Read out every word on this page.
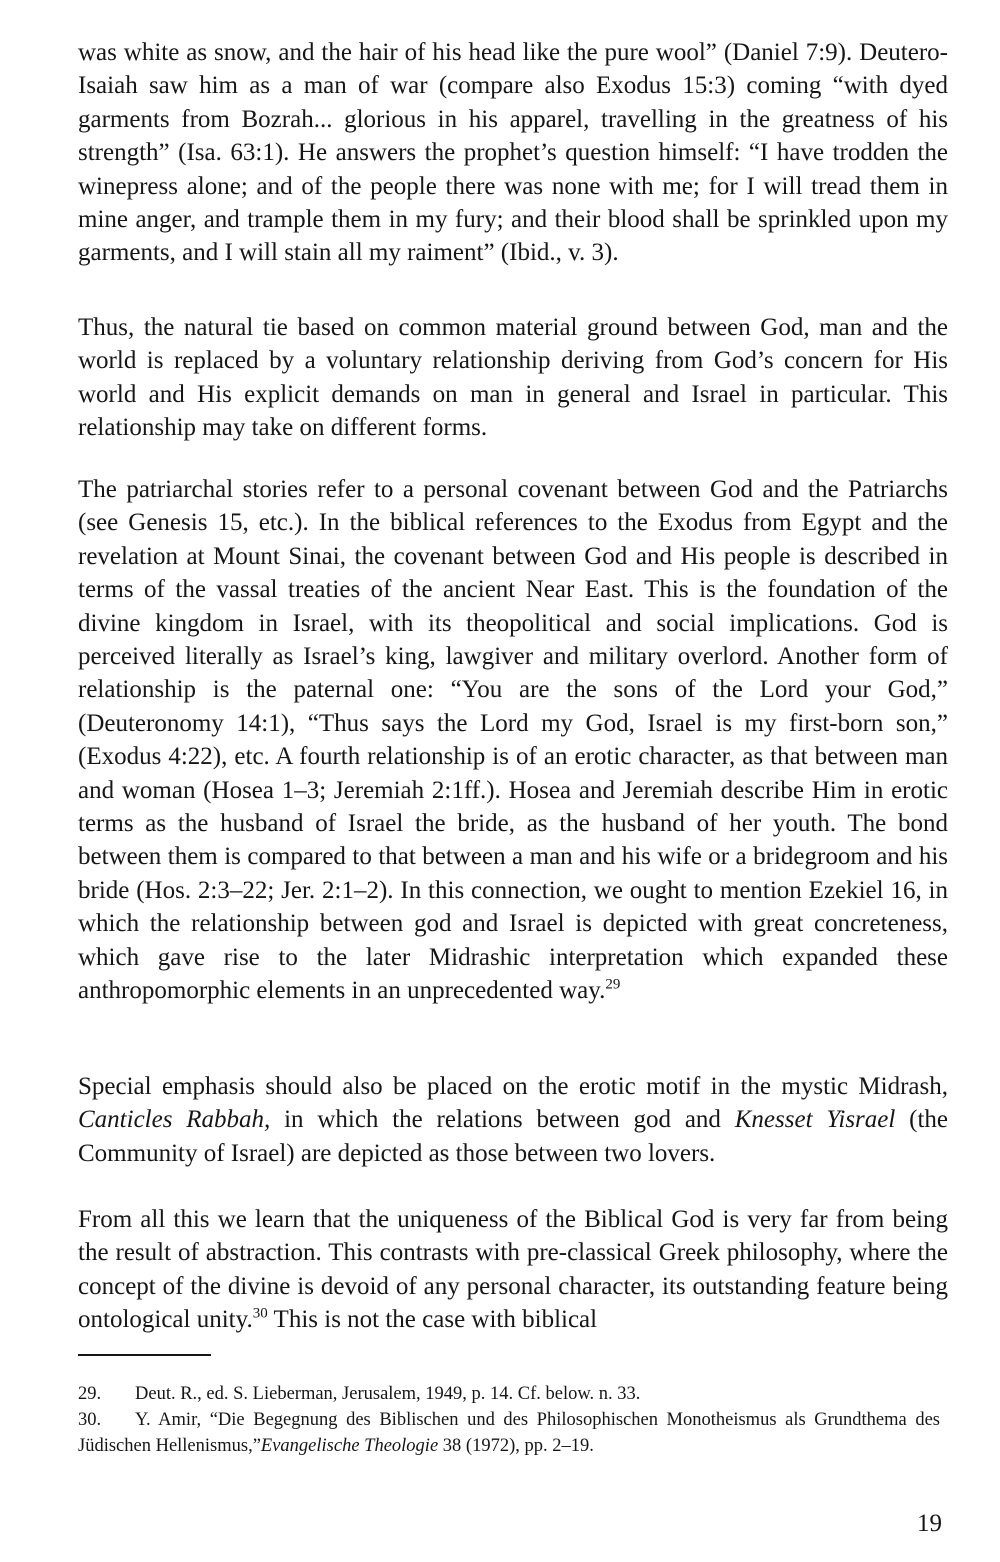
was white as snow, and the hair of his head like the pure wool” (Daniel 7:9). Deutero-Isaiah saw him as a man of war (compare also Exodus 15:3) coming “with dyed garments from Bozrah... glorious in his apparel, travelling in the greatness of his strength” (Isa. 63:1). He answers the prophet’s question himself: “I have trodden the winepress alone; and of the people there was none with me; for I will tread them in mine anger, and trample them in my fury; and their blood shall be sprinkled upon my garments, and I will stain all my raiment” (Ibid., v. 3).

Thus, the natural tie based on common material ground between God, man and the world is replaced by a voluntary relationship deriving from God’s concern for His world and His explicit demands on man in general and Israel in particular. This relationship may take on different forms.

The patriarchal stories refer to a personal covenant between God and the Patriarchs (see Genesis 15, etc.). In the biblical references to the Exodus from Egypt and the revelation at Mount Sinai, the covenant between God and His people is described in terms of the vassal treaties of the ancient Near East. This is the foundation of the divine kingdom in Israel, with its theopolitical and social implications. God is perceived literally as Israel’s king, lawgiver and military overlord. Another form of relationship is the paternal one: “You are the sons of the Lord your God,” (Deuteronomy 14:1), “Thus says the Lord my God, Israel is my first-born son,” (Exodus 4:22), etc. A fourth relationship is of an erotic character, as that between man and woman (Hosea 1–3; Jeremiah 2:1ff.). Hosea and Jeremiah describe Him in erotic terms as the husband of Israel the bride, as the husband of her youth. The bond between them is compared to that between a man and his wife or a bridegroom and his bride (Hos. 2:3–22; Jer. 2:1–2). In this connection, we ought to mention Ezekiel 16, in which the relationship between god and Israel is depicted with great concreteness, which gave rise to the later Midrashic interpretation which expanded these anthropomorphic elements in an unprecedented way.$^{29}$

Special emphasis should also be placed on the erotic motif in the mystic Midrash, Canticles Rabbah, in which the relations between god and Knesset Yisrael (the Community of Israel) are depicted as those between two lovers.

From all this we learn that the uniqueness of the Biblical God is very far from being the result of abstraction. This contrasts with pre-classical Greek philosophy, where the concept of the divine is devoid of any personal character, its outstanding feature being ontological unity.$^{30}$ This is not the case with biblical

29. Deut. R., ed. S. Lieberman, Jerusalem, 1949, p. 14. Cf. below. n. 33.

30. Y. Amir, “Die Begegnung des Biblischen und des Philosophischen Monotheismus als Grundthema des Jüdischen Hellenismus,”Evangelische Theologie 38 (1972), pp. 2–19.

19
